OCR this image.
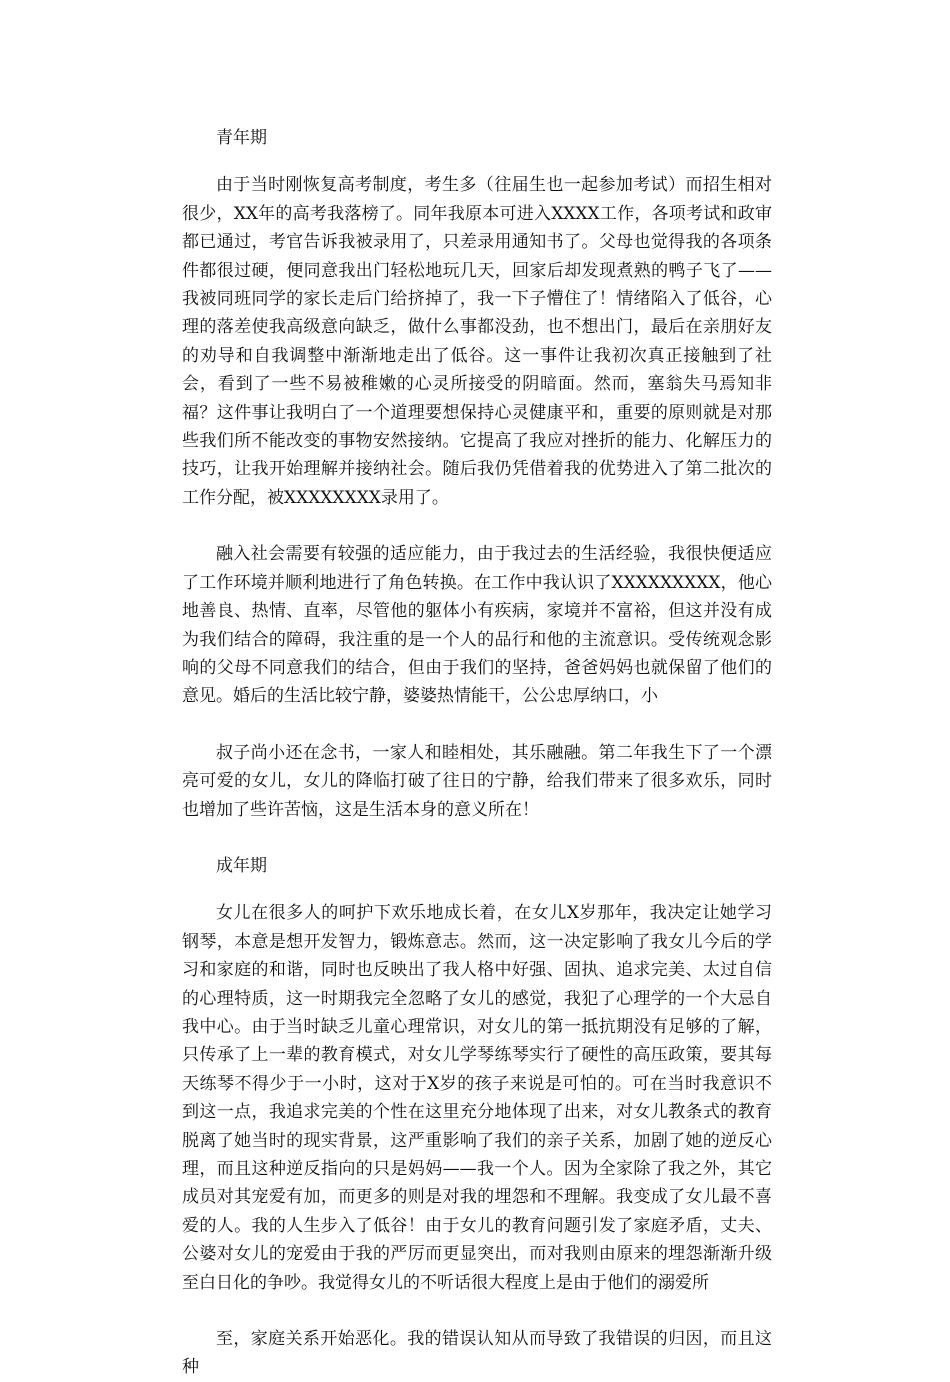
青年期

由于当时刚恢复高考制度，考生多（往届生也一起参加考试）而招生相对很少，XX年的高考我落榜了。同年我原本可进入XXXX工作，各项考试和政审都已通过，考官告诉我被录用了，只差录用通知书了。父母也觉得我的各项条件都很过硬，便同意我出门轻松地玩几天，回家后却发现煮熟的鸭子飞了——我被同班同学的家长走后门给挤掉了，我一下子懵住了！情绪陷入了低谷，心理的落差使我高级意向缺乏，做什么事都没劲，也不想出门，最后在亲朋好友的劝导和自我调整中渐渐地走出了低谷。这一事件让我初次真正接触到了社会，看到了一些不易被稚嫩的心灵所接受的阴暗面。然而，塞翁失马焉知非福？这件事让我明白了一个道理要想保持心灵健康平和，重要的原则就是对那些我们所不能改变的事物安然接纳。它提高了我应对挫折的能力、化解压力的技巧，让我开始理解并接纳社会。随后我仍凭借着我的优势进入了第二批次的工作分配，被XXXXXXXX录用了。

融入社会需要有较强的适应能力，由于我过去的生活经验，我很快便适应了工作环境并顺利地进行了角色转换。在工作中我认识了XXXXXXXXX，他心地善良、热情、直率，尽管他的躯体小有疾病，家境并不富裕，但这并没有成为我们结合的障碍，我注重的是一个人的品行和他的主流意识。受传统观念影响的父母不同意我们的结合，但由于我们的坚持，爸爸妈妈也就保留了他们的意见。婚后的生活比较宁静，婆婆热情能干，公公忠厚纳口，小

叔子尚小还在念书，一家人和睦相处，其乐融融。第二年我生下了一个漂亮可爱的女儿，女儿的降临打破了往日的宁静，给我们带来了很多欢乐，同时也增加了些许苦恼，这是生活本身的意义所在！

成年期

女儿在很多人的呵护下欢乐地成长着，在女儿X岁那年，我决定让她学习钢琴，本意是想开发智力，锻炼意志。然而，这一决定影响了我女儿今后的学习和家庭的和谐，同时也反映出了我人格中好强、固执、追求完美、太过自信的心理特质，这一时期我完全忽略了女儿的感觉，我犯了心理学的一个大忌自我中心。由于当时缺乏儿童心理常识，对女儿的第一抵抗期没有足够的了解，只传承了上一辈的教育模式，对女儿学琴练琴实行了硬性的高压政策，要其每天练琴不得少于一小时，这对于X岁的孩子来说是可怕的。可在当时我意识不到这一点，我追求完美的个性在这里充分地体现了出来，对女儿教条式的教育脱离了她当时的现实背景，这严重影响了我们的亲子关系，加剧了她的逆反心理，而且这种逆反指向的只是妈妈——我一个人。因为全家除了我之外，其它成员对其宠爱有加，而更多的则是对我的埋怨和不理解。我变成了女儿最不喜爱的人。我的人生步入了低谷！由于女儿的教育问题引发了家庭矛盾，丈夫、公婆对女儿的宠爱由于我的严厉而更显突出，而对我则由原来的埋怨渐渐升级至白日化的争吵。我觉得女儿的不听话很大程度上是由于他们的溺爱所

至，家庭关系开始恶化。我的错误认知从而导致了我错误的归因，而且这种
